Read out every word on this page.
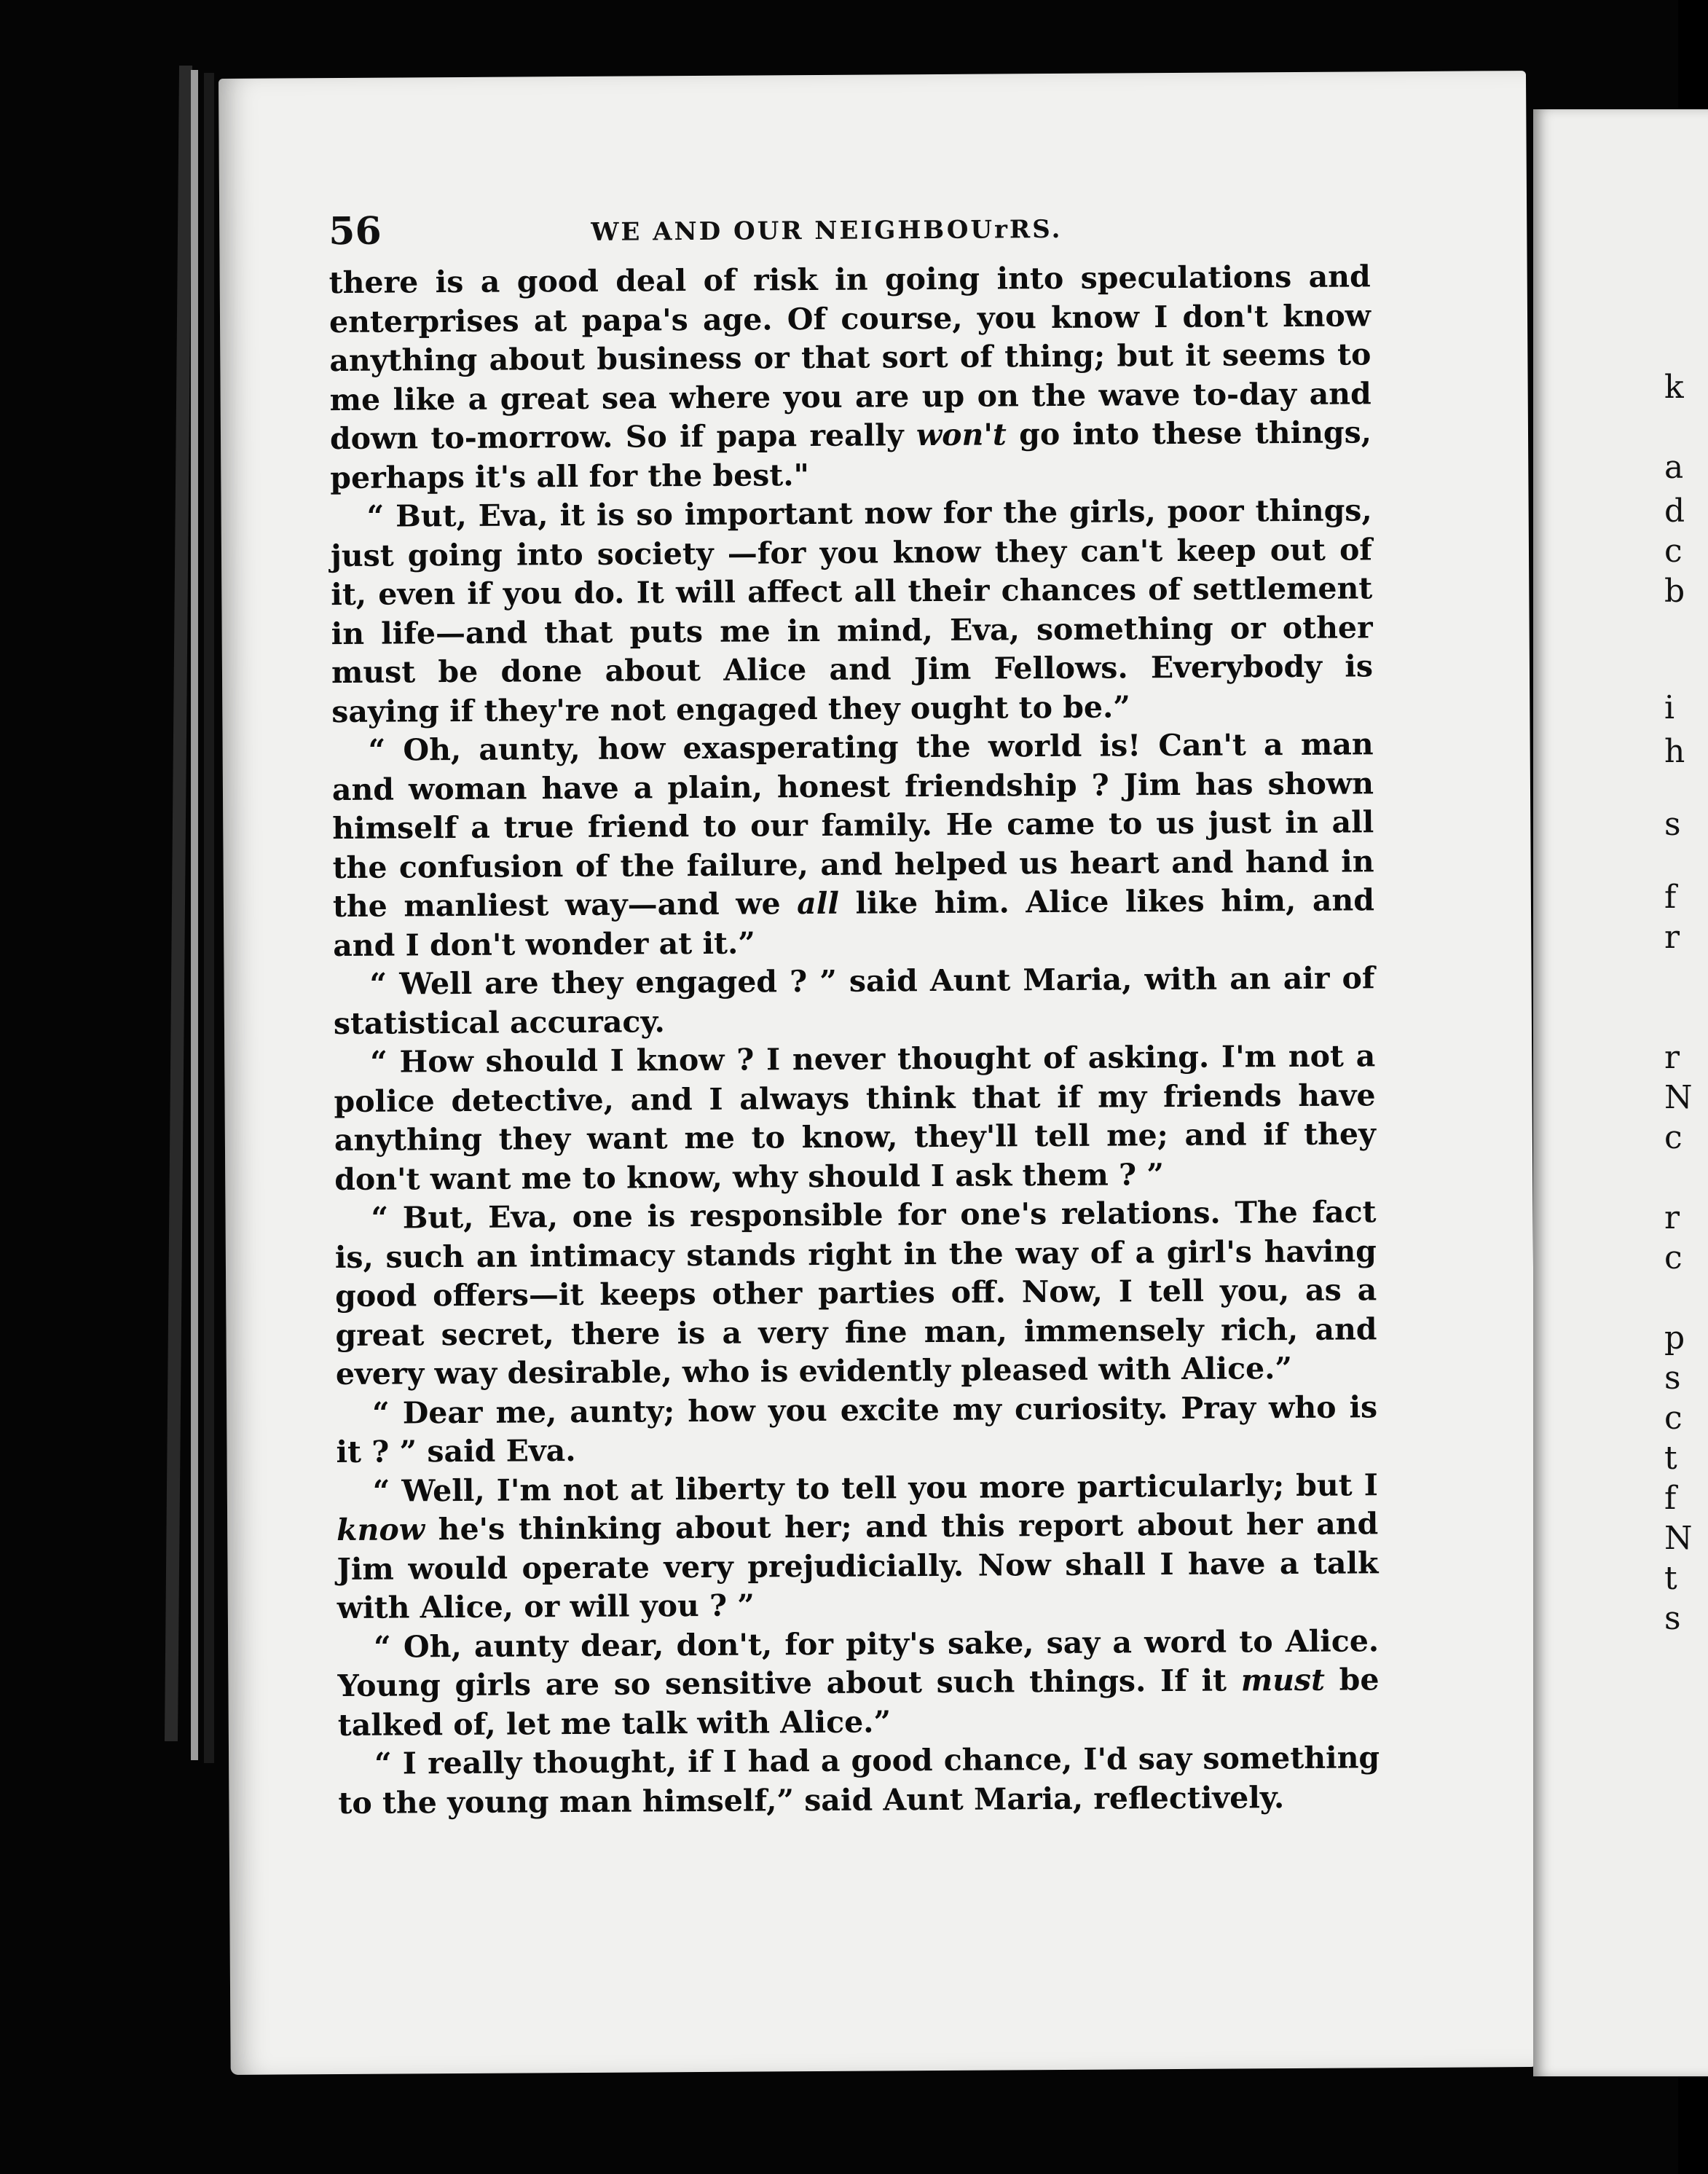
56	WE AND OUR NEIGHBOUrRS.

there is a good deal of risk in going into speculations and enterprises at papa's age. Of course, you know I don't know anything about business or that sort of thing; but it seems to me like a great sea where you are up on the wave to-day and down to-morrow. So if papa really won't go into these things, perhaps it's all for the best."

“ But, Eva, it is so important now for the girls, poor things, just going into society —for you know they can't keep out of it, even if you do. It will affect all their chances of settlement in life—and that puts me in mind, Eva, something or other must be done about Alice and Jim Fellows. Everybody is saying if they're not engaged they ought to be.”

“ Oh, aunty, how exasperating the world is! Can't a man and woman have a plain, honest friendship ? Jim has shown himself a true friend to our family. He came to us just in all the confusion of the failure, and helped us heart and hand in the manliest way—and we all like him. Alice likes him, and and I don't wonder at it.”

“ Well are they engaged ? ” said Aunt Maria, with an air of statistical accuracy.

“ How should I know ? I never thought of asking. I'm not a police detective, and I always think that if my friends have anything they want me to know, they'll tell me; and if they don't want me to know, why should I ask them ? ”

“ But, Eva, one is responsible for one's relations. The fact is, such an intimacy stands right in the way of a girl's having good offers—it keeps other parties off. Now, I tell you, as a great secret, there is a very fine man, immensely rich, and every way desirable, who is evidently pleased with Alice.”

“ Dear me, aunty; how you excite my curiosity. Pray who is it ? ” said Eva.

“ Well, I'm not at liberty to tell you more particularly; but I know he's thinking about her; and this report about her and Jim would operate very prejudicially. Now shall I have a talk with Alice, or will you ? ”

“ Oh, aunty dear, don't, for pity's sake, say a word to Alice. Young girls are so sensitive about such things. If it must be talked of, let me talk with Alice.”

“ I really thought, if I had a good chance, I'd say something to the young man himself,” said Aunt Maria, reflectively.

k
a
d
c
b
i
h
s
f
r
r
N
c
r
c
p
s
c
t
f
N
t
s
